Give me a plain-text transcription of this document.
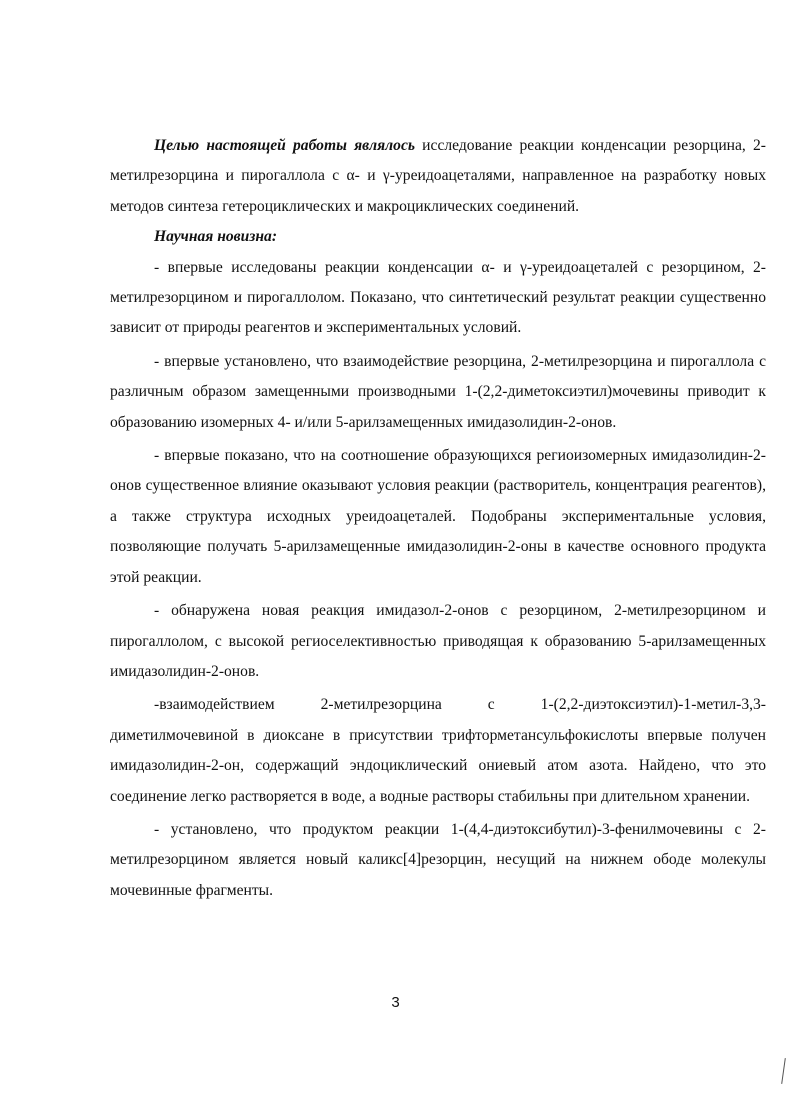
Целью настоящей работы являлось исследование реакции конденсации резорцина, 2-метилрезорцина и пирогаллола с α- и γ-уреидоацеталями, направленное на разработку новых методов синтеза гетероциклических и макроциклических соединений.

Научная новизна:

- впервые исследованы реакции конденсации α- и γ-уреидоацеталей с резорцином, 2-метилрезорцином и пирогаллолом. Показано, что синтетический результат реакции существенно зависит от природы реагентов и экспериментальных условий.

- впервые установлено, что взаимодействие резорцина, 2-метилрезорцина и пирогаллола с различным образом замещенными производными 1-(2,2-диметоксиэтил)мочевины приводит к образованию изомерных 4- и/или 5-арилзамещенных имидазолидин-2-онов.

- впервые показано, что на соотношение образующихся региоизомерных имидазолидин-2-онов существенное влияние оказывают условия реакции (растворитель, концентрация реагентов), а также структура исходных уреидоацеталей. Подобраны экспериментальные условия, позволяющие получать 5-арилзамещенные имидазолидин-2-оны в качестве основного продукта этой реакции.

- обнаружена новая реакция имидазол-2-онов с резорцином, 2-метилрезорцином и пирогаллолом, с высокой региоселективностью приводящая к образованию 5-арилзамещенных имидазолидин-2-онов.

-взаимодействием 2-метилрезорцина с 1-(2,2-диэтоксиэтил)-1-метил-3,3-диметилмочевиной в диоксане в присутствии трифторметансульфокислоты впервые получен имидазолидин-2-он, содержащий эндоциклический ониевый атом азота. Найдено, что это соединение легко растворяется в воде, а водные растворы стабильны при длительном хранении.

- установлено, что продуктом реакции 1-(4,4-диэтоксибутил)-3-фенилмочевины с 2-метилрезорцином является новый каликс[4]резорцин, несущий на нижнем ободе молекулы мочевинные фрагменты.

3
